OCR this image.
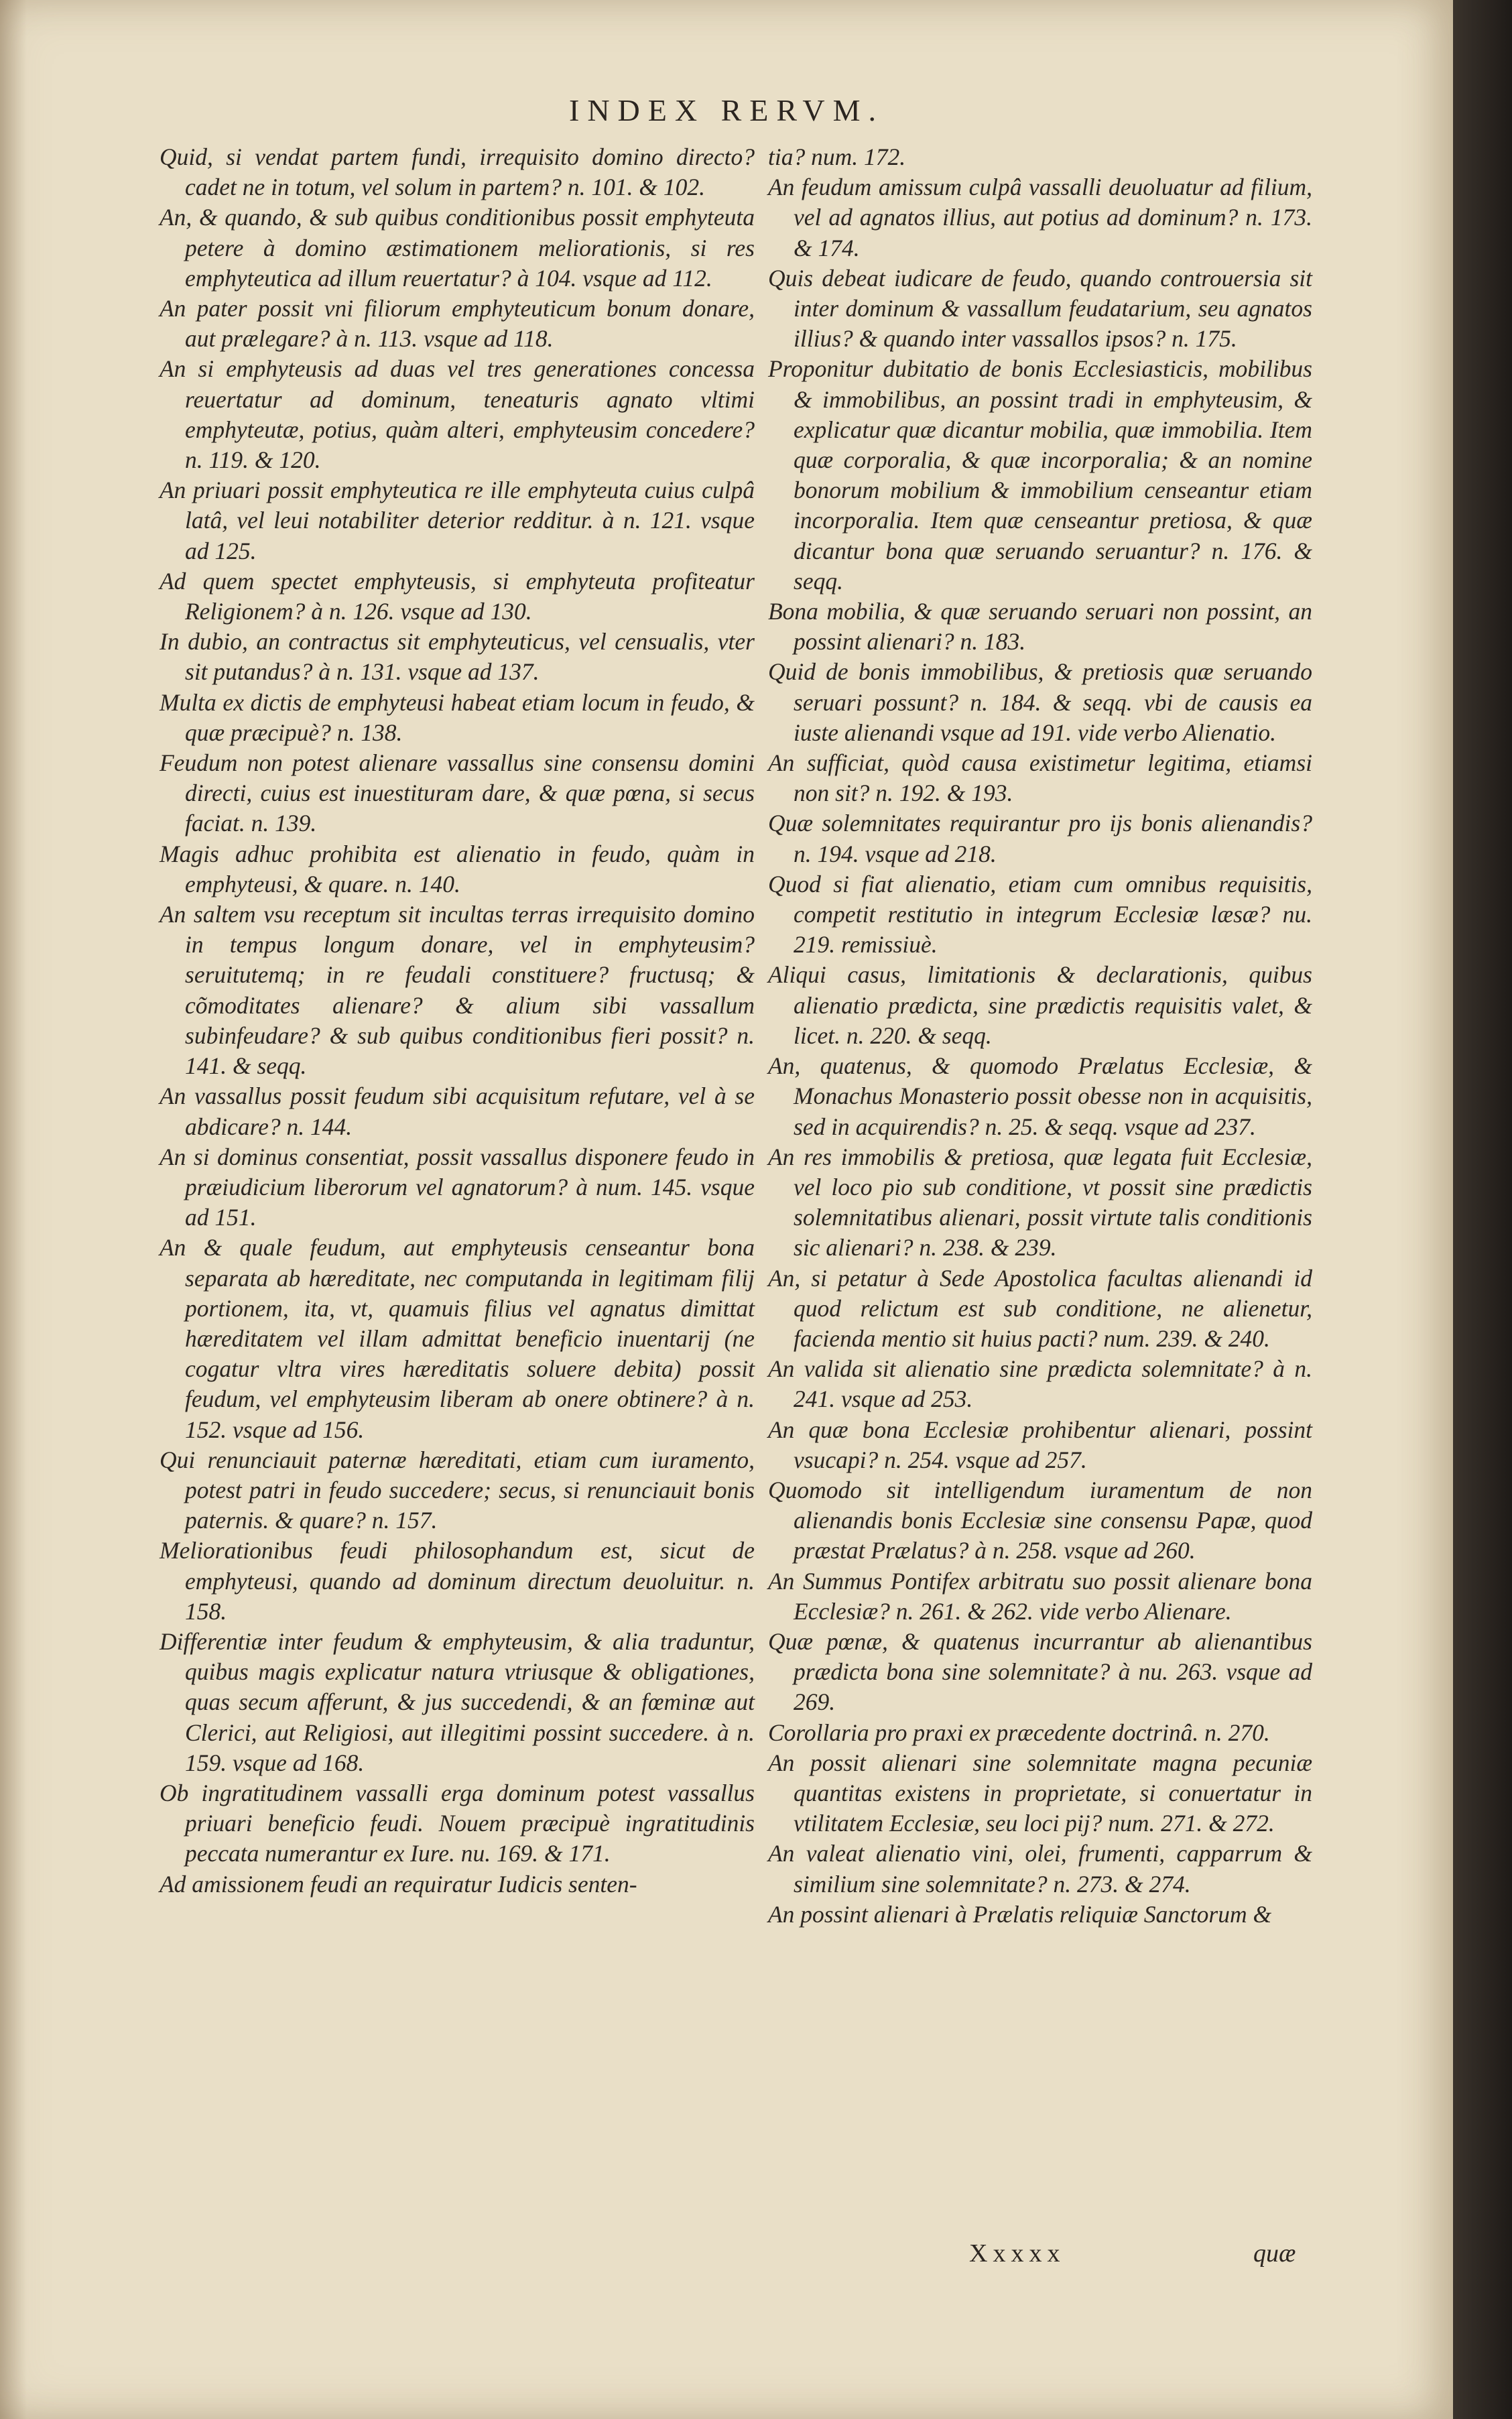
INDEX RERVM.

Quid, si vendat partem fundi, irrequisito domino directo? cadet ne in totum, vel solum in partem? n. 101. & 102.

An, & quando, & sub quibus conditionibus possit emphyteuta petere à domino æstimationem meliorationis, si res emphyteutica ad illum reuertatur? à 104. vsque ad 112.

An pater possit vni filiorum emphyteuticum bonum donare, aut prælegare? à n. 113. vsque ad 118.

An si emphyteusis ad duas vel tres generationes concessa reuertatur ad dominum, teneaturis agnato vltimi emphyteutæ, potius, quàm alteri, emphyteusim concedere? n. 119. & 120.

An priuari possit emphyteutica re ille emphyteuta cuius culpâ latâ, vel leui notabiliter deterior redditur. à n. 121. vsque ad 125.

Ad quem spectet emphyteusis, si emphyteuta profiteatur Religionem? à n. 126. vsque ad 130.

In dubio, an contractus sit emphyteuticus, vel censualis, vter sit putandus? à n. 131. vsque ad 137.

Multa ex dictis de emphyteusi habeat etiam locum in feudo, & quæ præcipuè? n. 138.

Feudum non potest alienare vassallus sine consensu domini directi, cuius est inuestituram dare, & quæ pœna, si secus faciat. n. 139.

Magis adhuc prohibita est alienatio in feudo, quàm in emphyteusi, & quare. n. 140.

An saltem vsu receptum sit incultas terras irrequisito domino in tempus longum donare, vel in emphyteusim? seruitutemq; in re feudali constituere? fructusq; & cõmoditates alienare? & alium sibi vassallum subinfeudare? & sub quibus conditionibus fieri possit? n. 141. & seqq.

An vassallus possit feudum sibi acquisitum refutare, vel à se abdicare? n. 144.

An si dominus consentiat, possit vassallus disponere feudo in præiudicium liberorum vel agnatorum? à num. 145. vsque ad 151.

An & quale feudum, aut emphyteusis censeantur bona separata ab hæreditate, nec computanda in legitimam filij portionem, ita, vt, quamuis filius vel agnatus dimittat hæreditatem vel illam admittat beneficio inuentarij (ne cogatur vltra vires hæreditatis soluere debita) possit feudum, vel emphyteusim liberam ab onere obtinere? à n. 152. vsque ad 156.

Qui renunciauit paternæ hæreditati, etiam cum iuramento, potest patri in feudo succedere; secus, si renunciauit bonis paternis. & quare? n. 157.

Meliorationibus feudi philosophandum est, sicut de emphyteusi, quando ad dominum directum deuoluitur. n. 158.

Differentiæ inter feudum & emphyteusim, & alia traduntur, quibus magis explicatur natura vtriusque & obligationes, quas secum afferunt, & jus succedendi, & an fœminæ aut Clerici, aut Religiosi, aut illegitimi possint succedere. à n. 159. vsque ad 168.

Ob ingratitudinem vassalli erga dominum potest vassallus priuari beneficio feudi. Nouem præcipuè ingratitudinis peccata numerantur ex Iure. nu. 169. & 171.

Ad amissionem feudi an requiratur Iudicis senten-

tia? num. 172.

An feudum amissum culpâ vassalli deuoluatur ad filium, vel ad agnatos illius, aut potius ad dominum? n. 173. & 174.

Quis debeat iudicare de feudo, quando controuersia sit inter dominum & vassallum feudatarium, seu agnatos illius? & quando inter vassallos ipsos? n. 175.

Proponitur dubitatio de bonis Ecclesiasticis, mobilibus & immobilibus, an possint tradi in emphyteusim, & explicatur quæ dicantur mobilia, quæ immobilia. Item quæ corporalia, & quæ incorporalia; & an nomine bonorum mobilium & immobilium censeantur etiam incorporalia. Item quæ censeantur pretiosa, & quæ dicantur bona quæ seruando seruantur? n. 176. & seqq.

Bona mobilia, & quæ seruando seruari non possint, an possint alienari? n. 183.

Quid de bonis immobilibus, & pretiosis quæ seruando seruari possunt? n. 184. & seqq. vbi de causis ea iuste alienandi vsque ad 191. vide verbo Alienatio.

An sufficiat, quòd causa existimetur legitima, etiamsi non sit? n. 192. & 193.

Quæ solemnitates requirantur pro ijs bonis alienandis? n. 194. vsque ad 218.

Quod si fiat alienatio, etiam cum omnibus requisitis, competit restitutio in integrum Ecclesiæ læsæ? nu. 219. remissiuè.

Aliqui casus, limitationis & declarationis, quibus alienatio prædicta, sine prædictis requisitis valet, & licet. n. 220. & seqq.

An, quatenus, & quomodo Prælatus Ecclesiæ, & Monachus Monasterio possit obesse non in acquisitis, sed in acquirendis? n. 25. & seqq. vsque ad 237.

An res immobilis & pretiosa, quæ legata fuit Ecclesiæ, vel loco pio sub conditione, vt possit sine prædictis solemnitatibus alienari, possit virtute talis conditionis sic alienari? n. 238. & 239.

An, si petatur à Sede Apostolica facultas alienandi id quod relictum est sub conditione, ne alienetur, facienda mentio sit huius pacti? num. 239. & 240.

An valida sit alienatio sine prædicta solemnitate? à n. 241. vsque ad 253.

An quæ bona Ecclesiæ prohibentur alienari, possint vsucapi? n. 254. vsque ad 257.

Quomodo sit intelligendum iuramentum de non alienandis bonis Ecclesiæ sine consensu Papæ, quod præstat Prælatus? à n. 258. vsque ad 260.

An Summus Pontifex arbitratu suo possit alienare bona Ecclesiæ? n. 261. & 262. vide verbo Alienare.

Quæ pœnæ, & quatenus incurrantur ab alienantibus prædicta bona sine solemnitate? à nu. 263. vsque ad 269.

Corollaria pro praxi ex præcedente doctrinâ. n. 270.

An possit alienari sine solemnitate magna pecuniæ quantitas existens in proprietate, si conuertatur in vtilitatem Ecclesiæ, seu loci pij? num. 271. & 272.

An valeat alienatio vini, olei, frumenti, capparrum & similium sine solemnitate? n. 273. & 274.

An possint alienari à Prælatis reliquiæ Sanctorum &

Xxxxx	quæ
